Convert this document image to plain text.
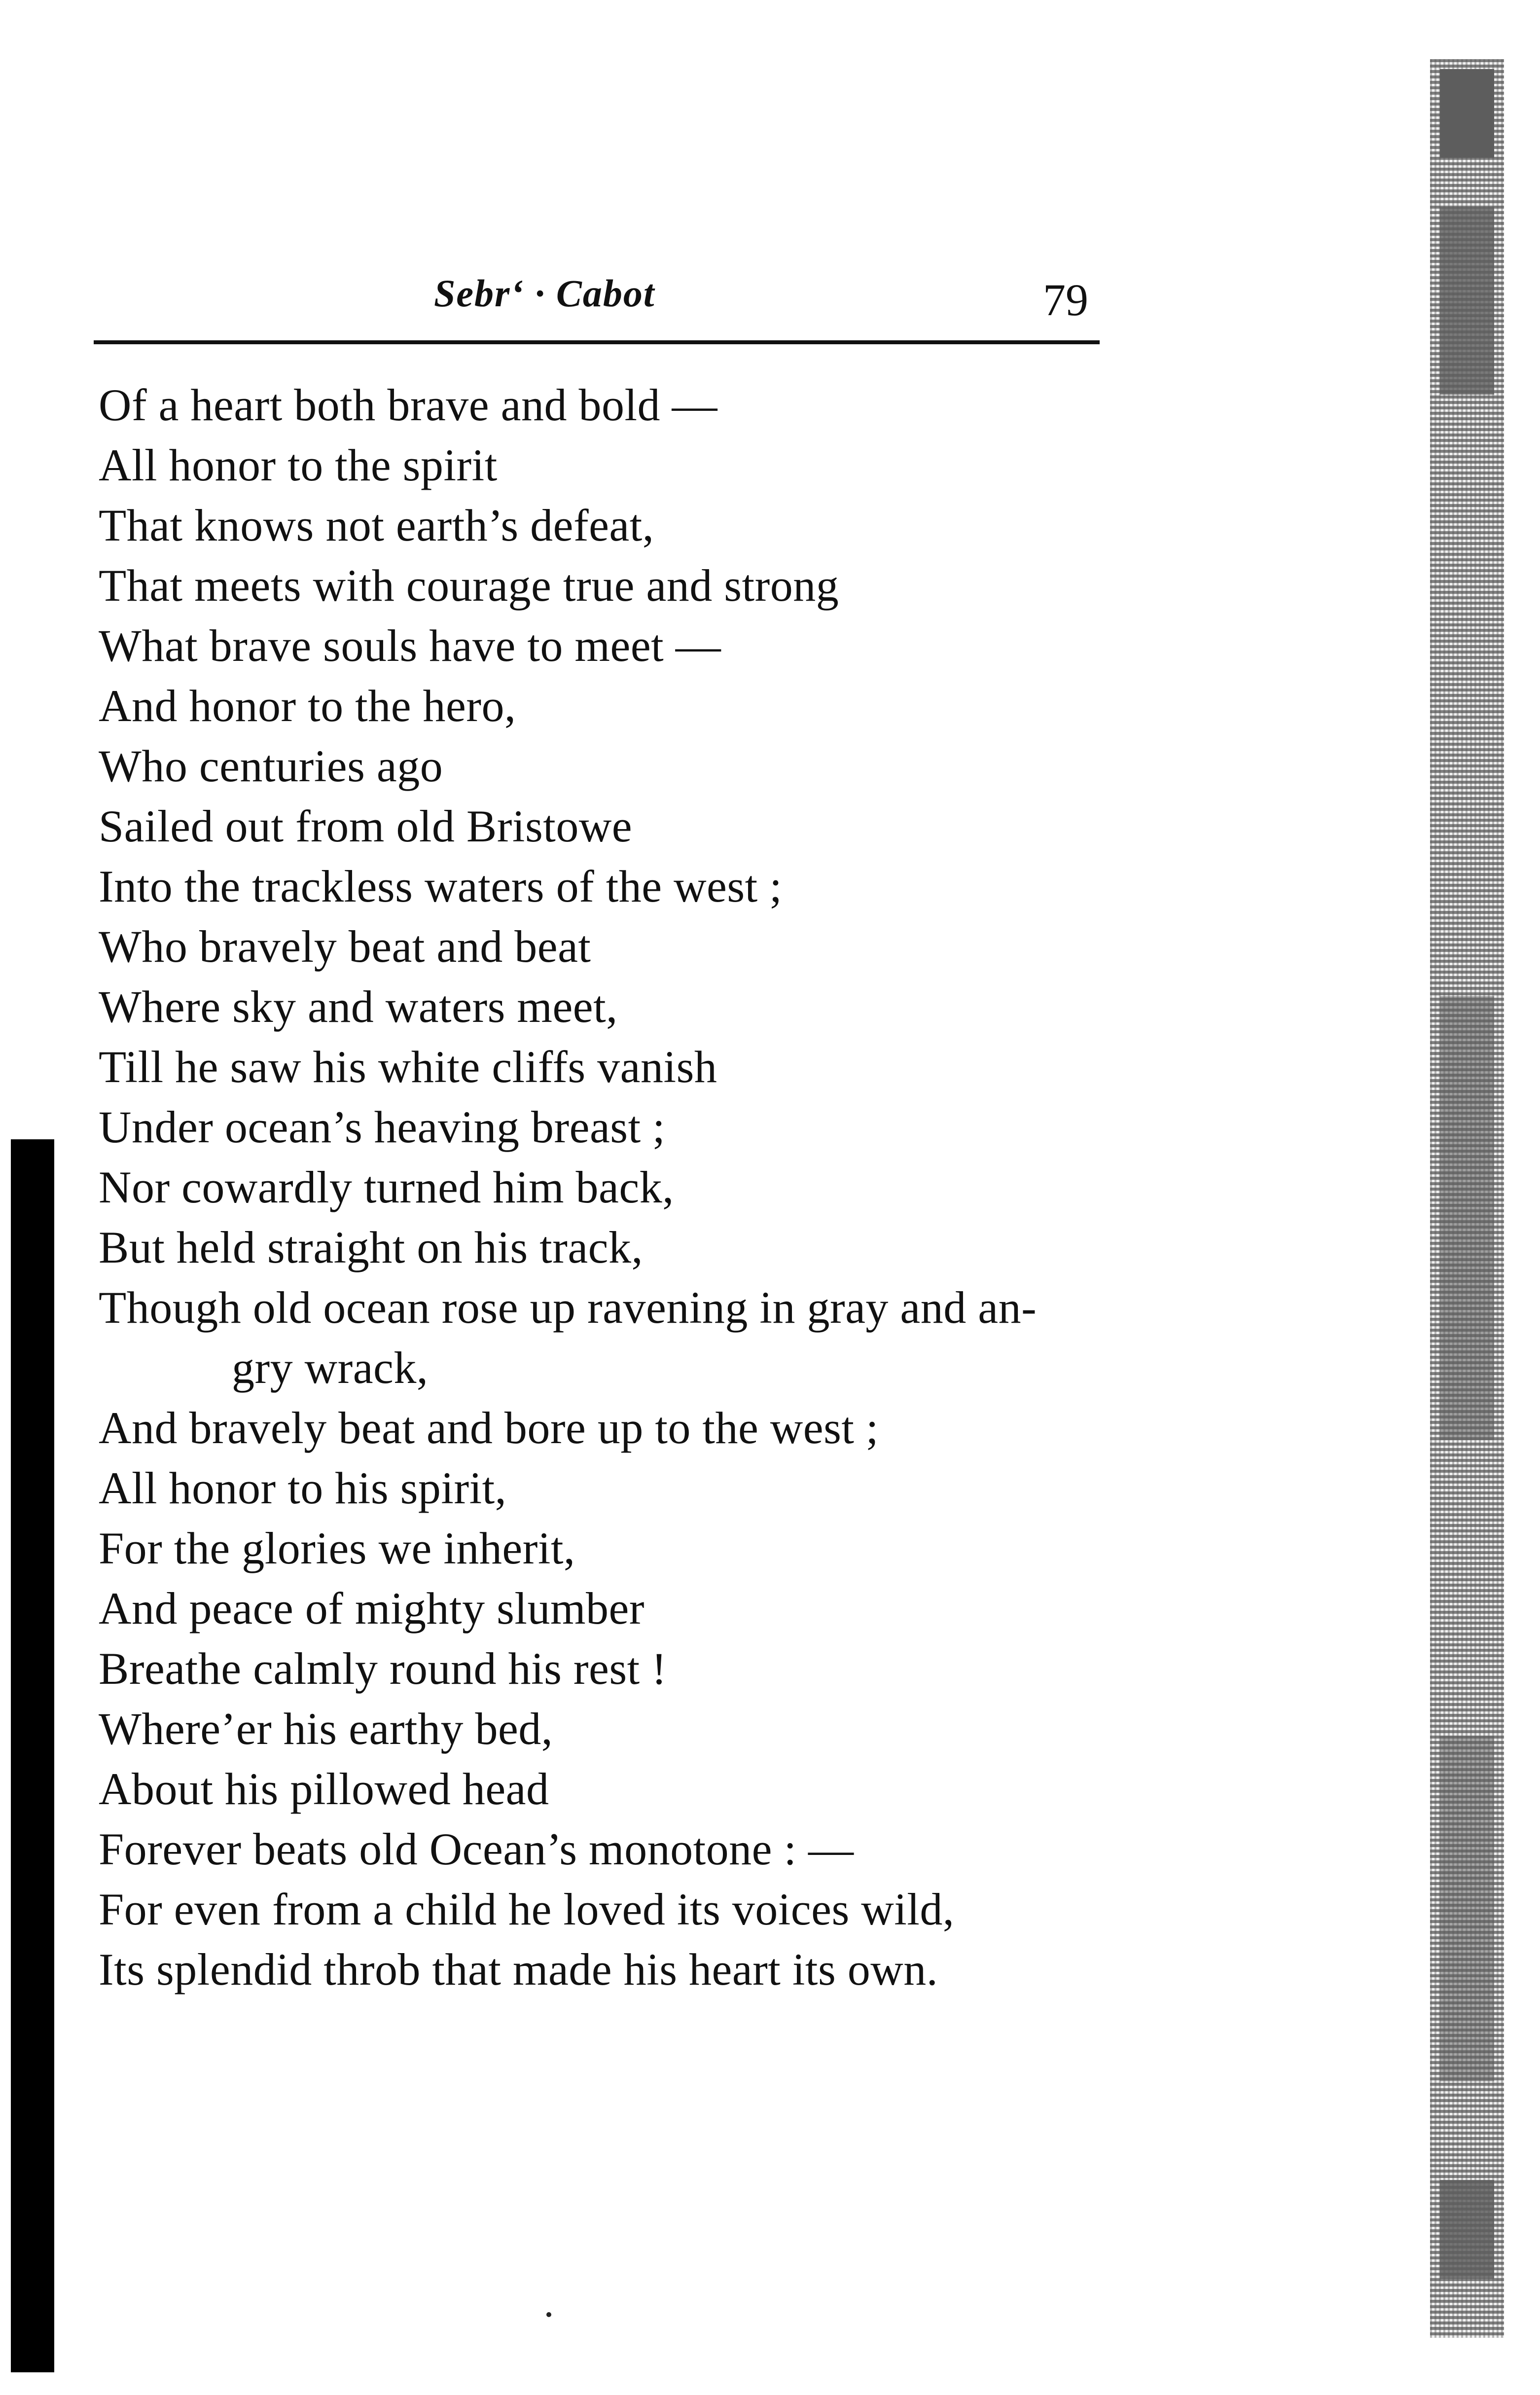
Sebr‘ · Cabot	79
Of a heart both brave and bold —
All honor to the spirit
That knows not earth’s defeat,
That meets with courage true and strong
What brave souls have to meet —
And honor to the hero,
Who centuries ago
Sailed out from old Bristowe
Into the trackless waters of the west ;
Who bravely beat and beat
Where sky and waters meet,
Till he saw his white cliffs vanish
Under ocean’s heaving breast ;
Nor cowardly turned him back,
But held straight on his track,
Though old ocean rose up ravening in gray and an-
gry wrack,
And bravely beat and bore up to the west ;
All honor to his spirit,
For the glories we inherit,
And peace of mighty slumber
Breathe calmly round his rest !
Where’er his earthy bed,
About his pillowed head
Forever beats old Ocean’s monotone : —
For even from a child he loved its voices wild,
Its splendid throb that made his heart its own.
